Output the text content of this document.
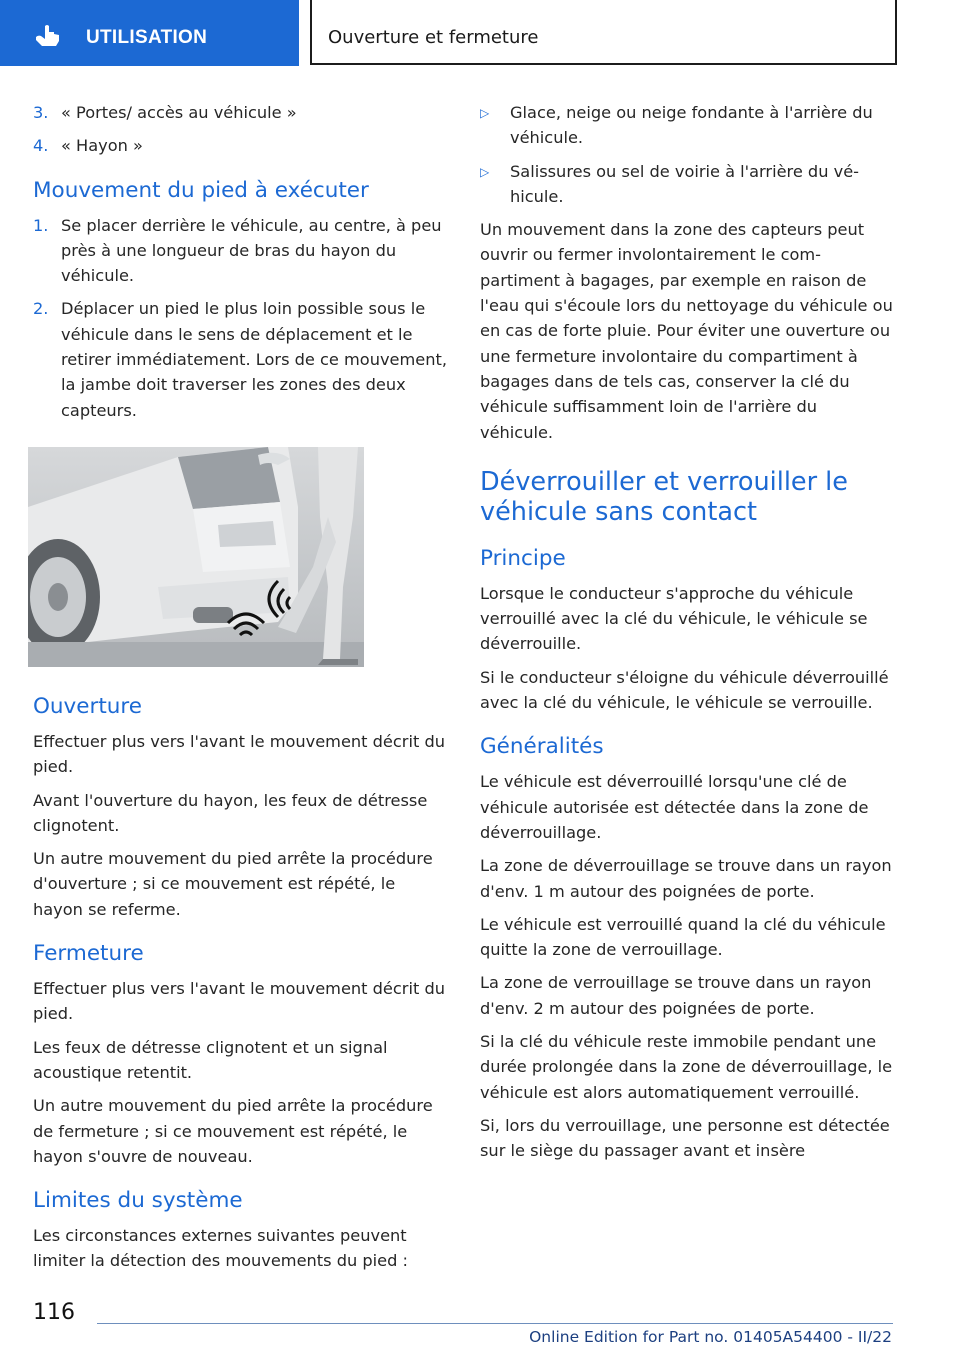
UTILISATION	Ouverture et fermeture
3. « Portes/ accès au véhicule »
4. « Hayon »
Mouvement du pied à exécuter
1. Se placer derrière le véhicule, au centre, à peu près à une longueur de bras du hayon du véhicule.
2. Déplacer un pied le plus loin possible sous le véhicule dans le sens de déplacement et le retirer immédiatement. Lors de ce mouvement, la jambe doit traverser les zones des deux capteurs.
Ouverture

Effectuer plus vers l'avant le mouvement décrit du pied.

Avant l'ouverture du hayon, les feux de détresse clignotent.

Un autre mouvement du pied arrête la procédure d'ouverture ; si ce mouvement est répété, le hayon se referme.

Fermeture

Effectuer plus vers l'avant le mouvement décrit du pied.

Les feux de détresse clignotent et un signal acoustique retentit.

Un autre mouvement du pied arrête la procédure de fermeture ; si ce mouvement est répété, le hayon s'ouvre de nouveau.

Limites du système

Les circonstances externes suivantes peuvent limiter la détection des mouvements du pied :

▷	Glace, neige ou neige fondante à l'arrière du véhicule.
▷	Salissures ou sel de voirie à l'arrière du véhicule.

Un mouvement dans la zone des capteurs peut ouvrir ou fermer involontairement le compartiment à bagages, par exemple en raison de l'eau qui s'écoule lors du nettoyage du véhicule ou en cas de forte pluie. Pour éviter une ouverture ou une fermeture involontaire du compartiment à bagages dans de tels cas, conserver la clé du véhicule suffisamment loin de l'arrière du véhicule.

Déverrouiller et verrouiller le véhicule sans contact
Principe

Lorsque le conducteur s'approche du véhicule verrouillé avec la clé du véhicule, le véhicule se déverrouille.

Si le conducteur s'éloigne du véhicule déverrouillé avec la clé du véhicule, le véhicule se verrouille.

Généralités

Le véhicule est déverrouillé lorsqu'une clé de véhicule autorisée est détectée dans la zone de déverrouillage.

La zone de déverrouillage se trouve dans un rayon d'env. 1 m autour des poignées de porte.

Le véhicule est verrouillé quand la clé du véhicule quitte la zone de verrouillage.

La zone de verrouillage se trouve dans un rayon d'env. 2 m autour des poignées de porte.

Si la clé du véhicule reste immobile pendant une durée prolongée dans la zone de déverrouillage, le véhicule est alors automatiquement verrouillé.

Si, lors du verrouillage, une personne est détectée sur le siège du passager avant et insère

116
Online Edition for Part no. 01405A54400 - II/22
